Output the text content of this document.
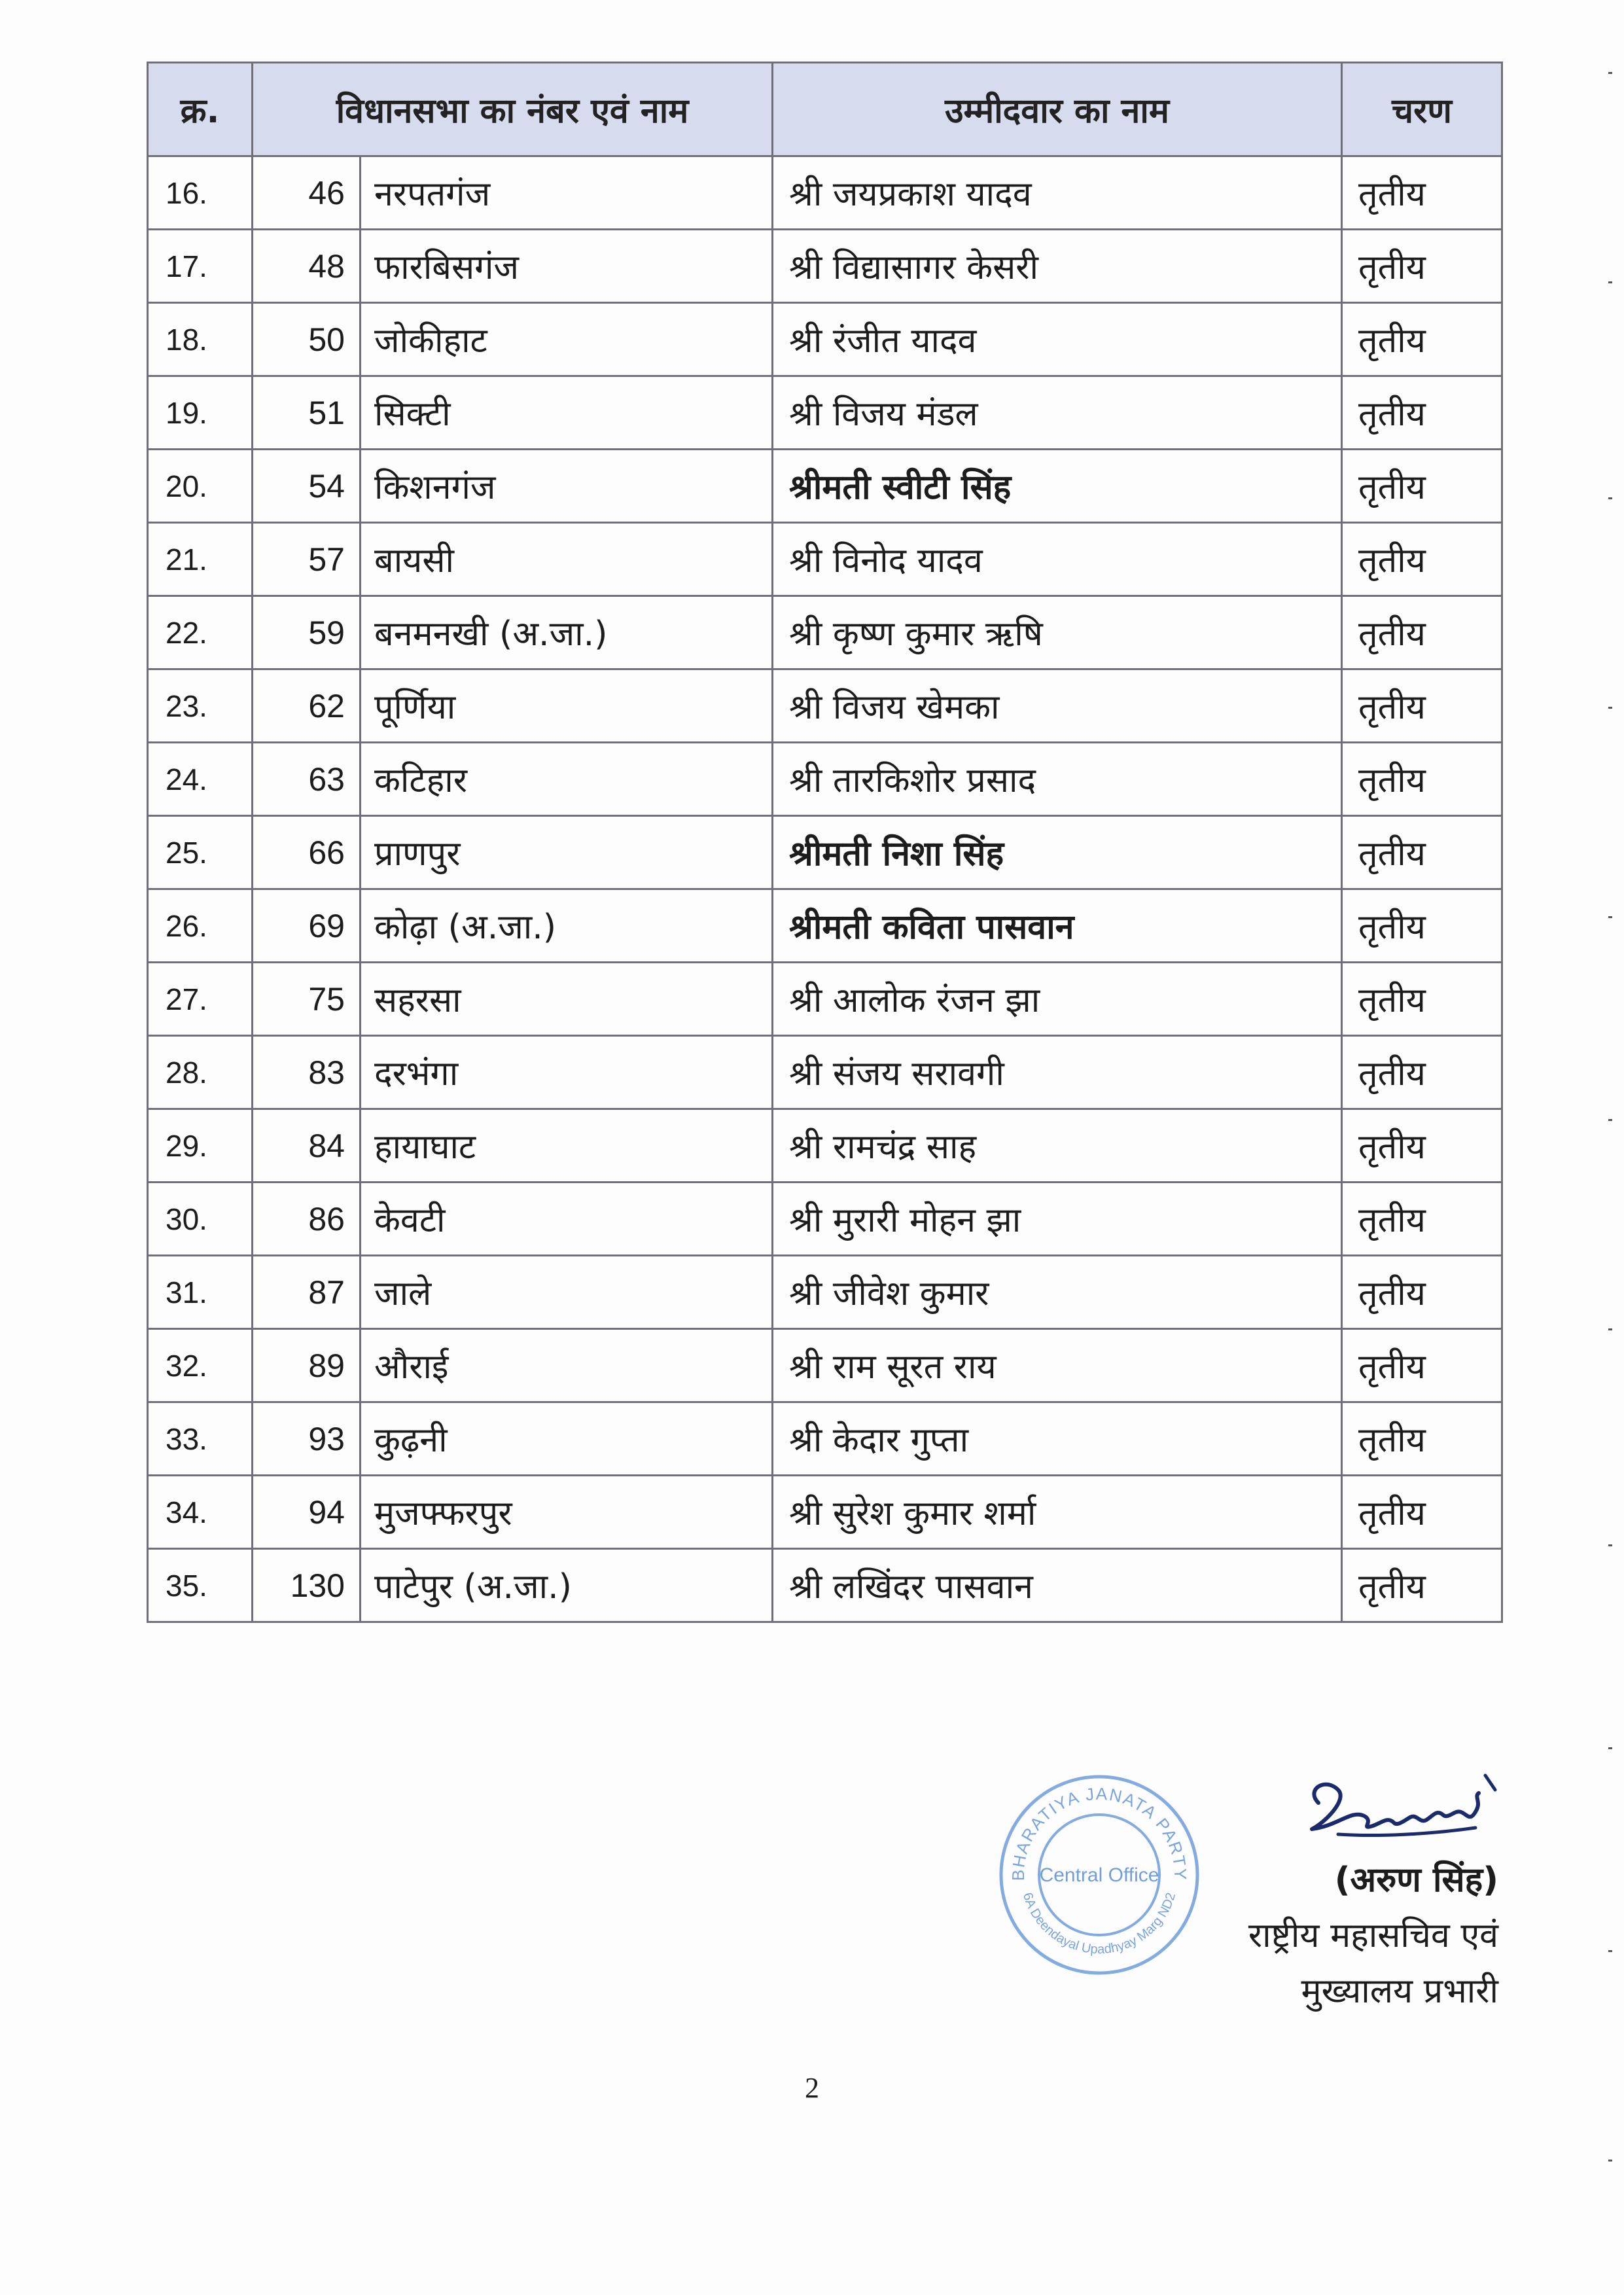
क्र.	विधानसभा का नंबर एवं नाम		उम्मीदवार का नाम	चरण
16.	46	नरपतगंज	श्री जयप्रकाश यादव	तृतीय
17.	48	फारबिसगंज	श्री विद्यासागर केसरी	तृतीय
18.	50	जोकीहाट	श्री रंजीत यादव	तृतीय
19.	51	सिक्टी	श्री विजय मंडल	तृतीय
20.	54	किशनगंज	श्रीमती स्वीटी सिंह	तृतीय
21.	57	बायसी	श्री विनोद यादव	तृतीय
22.	59	बनमनखी (अ.जा.)	श्री कृष्ण कुमार ऋषि	तृतीय
23.	62	पूर्णिया	श्री विजय खेमका	तृतीय
24.	63	कटिहार	श्री तारकिशोर प्रसाद	तृतीय
25.	66	प्राणपुर	श्रीमती निशा सिंह	तृतीय
26.	69	कोढ़ा (अ.जा.)	श्रीमती कविता पासवान	तृतीय
27.	75	सहरसा	श्री आलोक रंजन झा	तृतीय
28.	83	दरभंगा	श्री संजय सरावगी	तृतीय
29.	84	हायाघाट	श्री रामचंद्र साह	तृतीय
30.	86	केवटी	श्री मुरारी मोहन झा	तृतीय
31.	87	जाले	श्री जीवेश कुमार	तृतीय
32.	89	औराई	श्री राम सूरत राय	तृतीय
33.	93	कुढ़नी	श्री केदार गुप्ता	तृतीय
34.	94	मुजफ्फरपुर	श्री सुरेश कुमार शर्मा	तृतीय
35.	130	पाटेपुर (अ.जा.)	श्री लखिंदर पासवान	तृतीय
BHARATIYA JANATA PARTY
6A Deendayal Upadhyay Marg ND2
Central Office	(अरुण सिंह)
राष्ट्रीय महासचिव एवं
मुख्यालय प्रभारी
2
